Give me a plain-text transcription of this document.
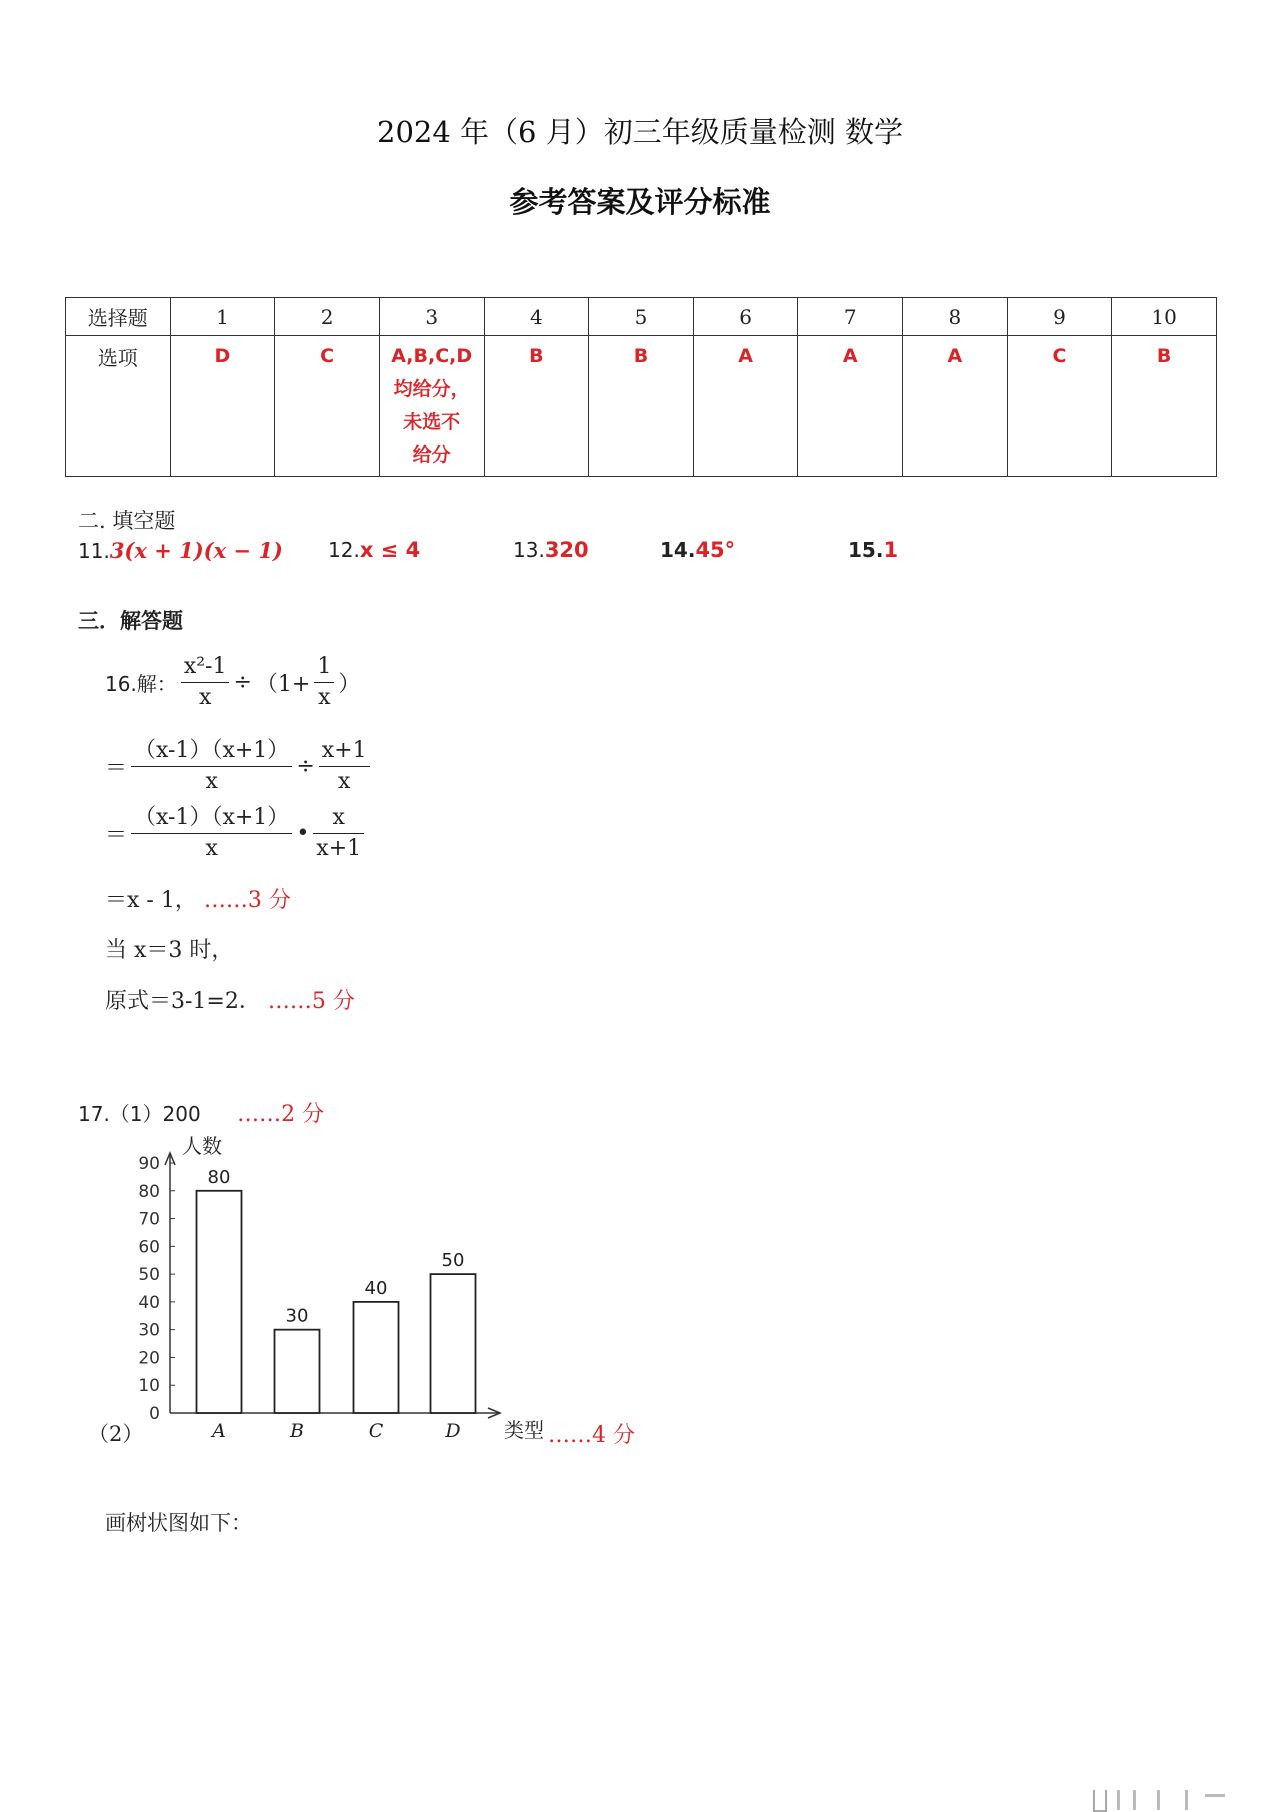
2024 年（6 月）初三年级质量检测 数学
参考答案及评分标准
选择题	1	2	3	4	5	6	7	8	9	10
选项	D	C	A,B,C,D
均给分，
未选不
给分	B	B	A	A	A	C	B
二. 填空题
11.3(x + 1)(x − 1) 12.x ≤ 4	13.320	14.45°	15.1
三．解答题
16.解： $\frac{\text{x²-1}}{x} \div (1+ \frac{1}{x}$ ）
＝ $\frac{(x-1)(x+1)}{x} \div \frac{x+1}{x}$
＝ $\frac{(x-1)(x+1)}{x}$ • $\frac{x}{x+1}$
＝x - 1， ……3 分
当 x＝3 时，
原式＝3-1=2． ……5 分
17.（1）200 ……2 分
人数
类型
0
10
20
30
40
50
60
70
80
90
80
A
30
B
40
C
50
D
（2）	……4 分
画树状图如下：
